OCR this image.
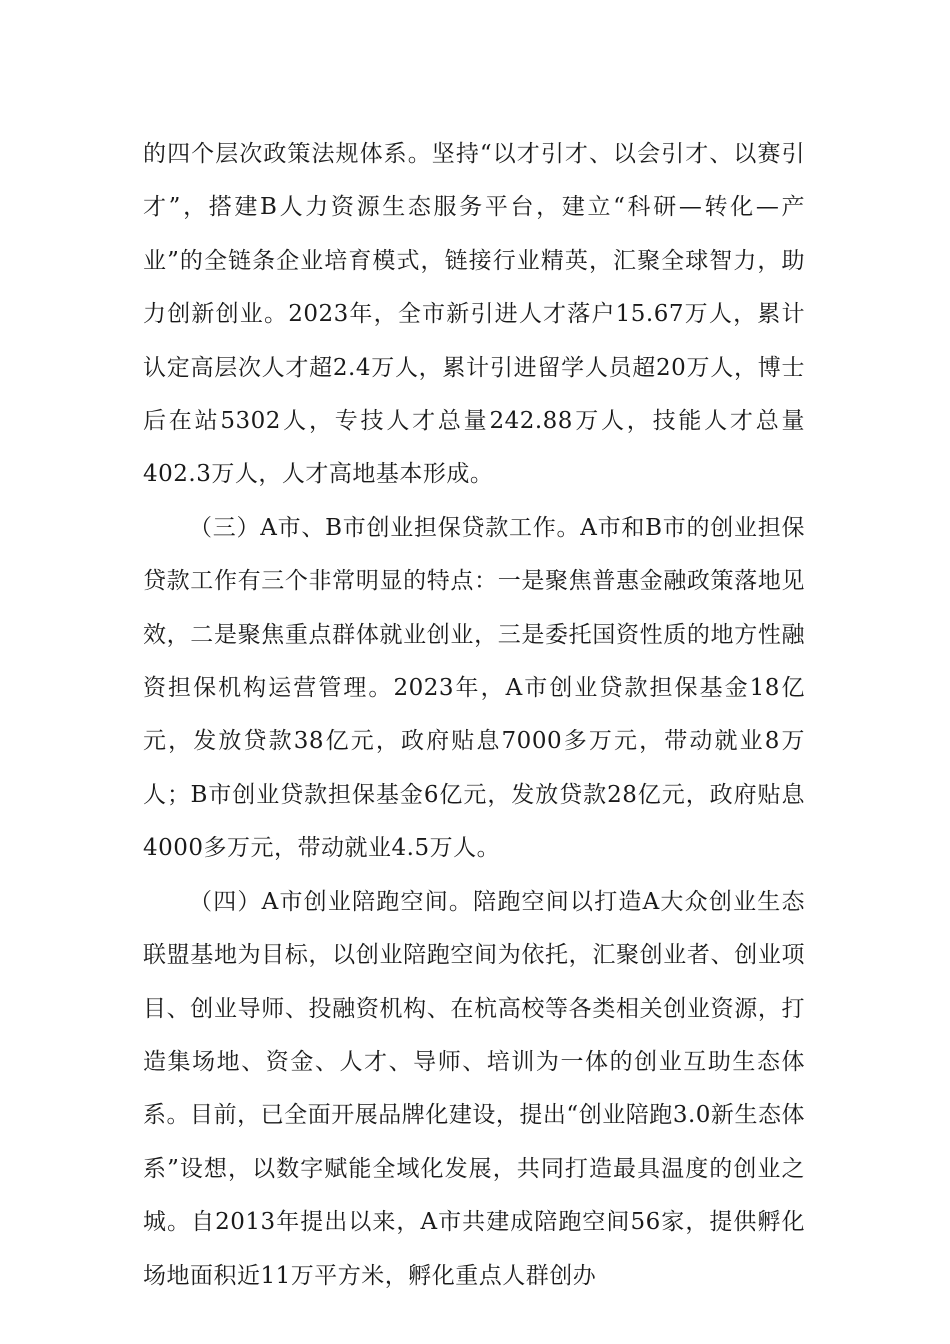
的四个层次政策法规体系。坚持“以才引才、以会引才、以赛引才”，搭建B人力资源生态服务平台，建立“科研—转化—产业”的全链条企业培育模式，链接行业精英，汇聚全球智力，助力创新创业。2023年，全市新引进人才落户15.67万人，累计认定高层次人才超2.4万人，累计引进留学人员超20万人，博士后在站5302人，专技人才总量242.88万人，技能人才总量402.3万人，人才高地基本形成。

（三）A市、B市创业担保贷款工作。A市和B市的创业担保贷款工作有三个非常明显的特点：一是聚焦普惠金融政策落地见效，二是聚焦重点群体就业创业，三是委托国资性质的地方性融资担保机构运营管理。2023年，A市创业贷款担保基金18亿元，发放贷款38亿元，政府贴息7000多万元，带动就业8万人；B市创业贷款担保基金6亿元，发放贷款28亿元，政府贴息4000多万元，带动就业4.5万人。

（四）A市创业陪跑空间。陪跑空间以打造A大众创业生态联盟基地为目标，以创业陪跑空间为依托，汇聚创业者、创业项目、创业导师、投融资机构、在杭高校等各类相关创业资源，打造集场地、资金、人才、导师、培训为一体的创业互助生态体系。目前，已全面开展品牌化建设，提出“创业陪跑3.0新生态体系”设想，以数字赋能全域化发展，共同打造最具温度的创业之城。自2013年提出以来，A市共建成陪跑空间56家，提供孵化场地面积近11万平方米，孵化重点人群创办
